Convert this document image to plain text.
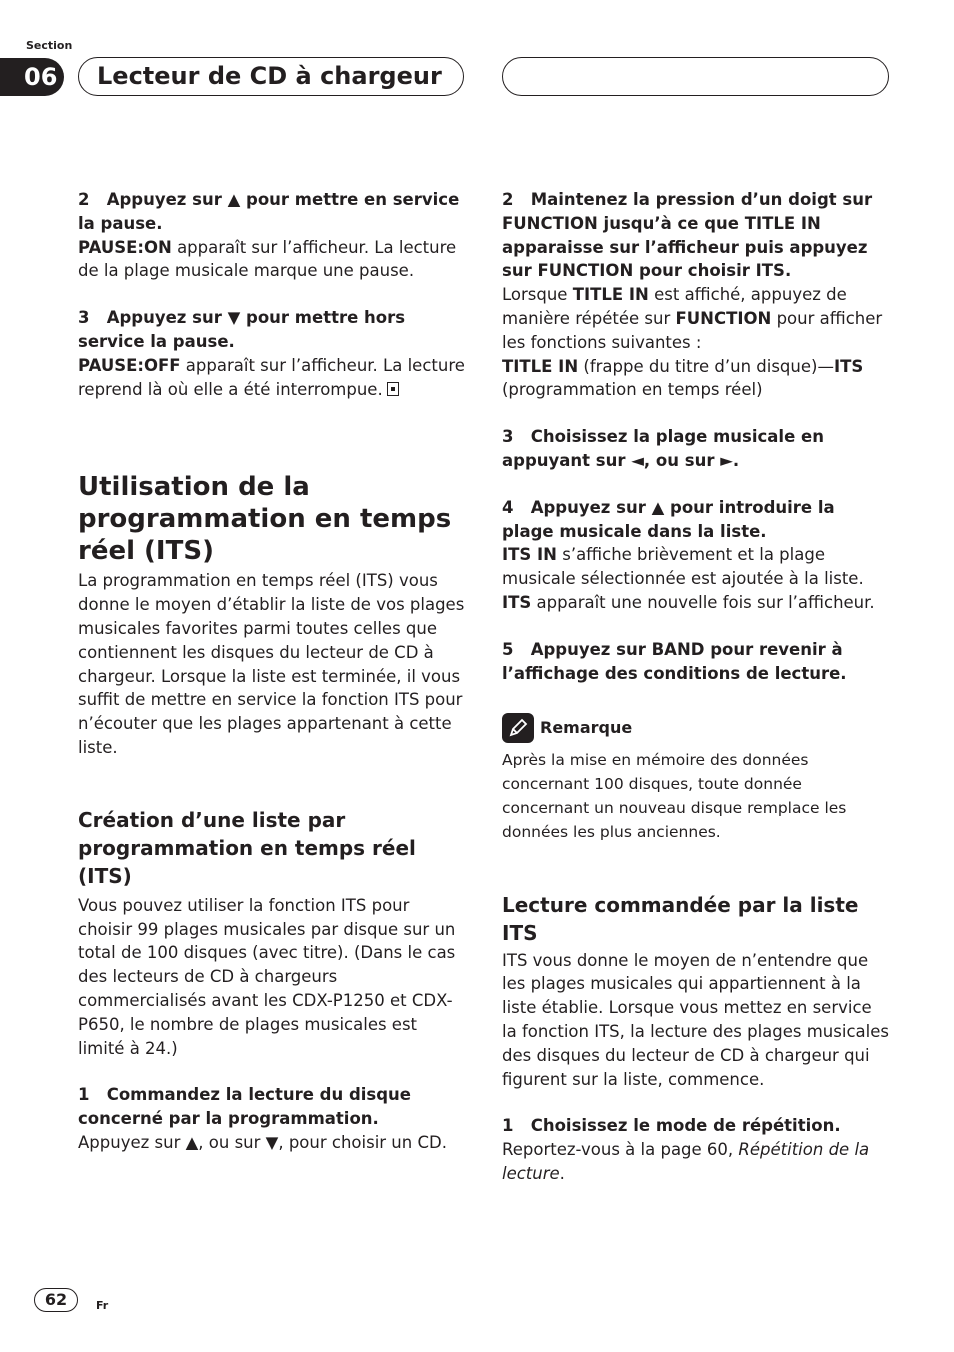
Section
06	Lecteur de CD à chargeur

2 Appuyez sur ▲ pour mettre en service la pause.

PAUSE:ON apparaît sur l’afficheur. La lecture de la plage musicale marque une pause.

3 Appuyez sur ▼ pour mettre hors service la pause.

PAUSE:OFF apparaît sur l’afficheur. La lecture reprend là où elle a été interrompue.

Utilisation de la programmation en temps réel (ITS)

La programmation en temps réel (ITS) vous donne le moyen d’établir la liste de vos plages musicales favorites parmi toutes celles que contiennent les disques du lecteur de CD à chargeur. Lorsque la liste est terminée, il vous suffit de mettre en service la fonction ITS pour n’écouter que les plages appartenant à cette liste.

Création d’une liste par programmation en temps réel (ITS)

Vous pouvez utiliser la fonction ITS pour choisir 99 plages musicales par disque sur un total de 100 disques (avec titre). (Dans le cas des lecteurs de CD à chargeurs commercialisés avant les CDX-P1250 et CDX-P650, le nombre de plages musicales est limité à 24.)

1 Commandez la lecture du disque concerné par la programmation.

Appuyez sur ▲, ou sur ▼, pour choisir un CD.

2 Maintenez la pression d’un doigt sur FUNCTION jusqu’à ce que TITLE IN apparaisse sur l’afficheur puis appuyez sur FUNCTION pour choisir ITS.

Lorsque TITLE IN est affiché, appuyez de manière répétée sur FUNCTION pour afficher les fonctions suivantes :

TITLE IN (frappe du titre d’un disque)—ITS (programmation en temps réel)

3 Choisissez la plage musicale en appuyant sur ◄, ou sur ►.

4 Appuyez sur ▲ pour introduire la plage musicale dans la liste.

ITS IN s’affiche brièvement et la plage musicale sélectionnée est ajoutée à la liste. ITS apparaît une nouvelle fois sur l’afficheur.

5 Appuyez sur BAND pour revenir à l’affichage des conditions de lecture.

Remarque

Après la mise en mémoire des données concernant 100 disques, toute donnée concernant un nouveau disque remplace les données les plus anciennes.

Lecture commandée par la liste ITS

ITS vous donne le moyen de n’entendre que les plages musicales qui appartiennent à la liste établie. Lorsque vous mettez en service la fonction ITS, la lecture des plages musicales des disques du lecteur de CD à chargeur qui figurent sur la liste, commence.

1 Choisissez le mode de répétition.

Reportez-vous à la page 60, Répétition de la lecture.

62	Fr
